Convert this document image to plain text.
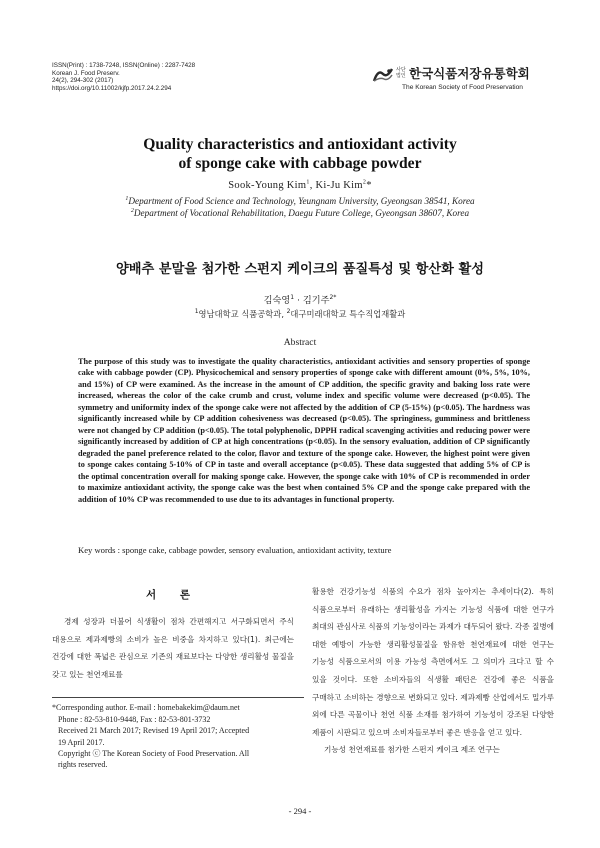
ISSN(Print) : 1738-7248, ISSN(Online) : 2287-7428
Korean J. Food Preserv.
24(2), 294-302 (2017)
https://doi.org/10.11002/kjfp.2017.24.2.294
사단 법인 한국식품저장유통학회
The Korean Society of Food Preservation
Quality characteristics and antioxidant activity
of sponge cake with cabbage powder
Sook-Young Kim$^1$, Ki-Ju Kim$^2$*
$^1$Department of Food Science and Technology, Yeungnam University, Gyeongsan 38541, Korea
$^2$Department of Vocational Rehabilitation, Daegu Future College, Gyeongsan 38607, Korea
양배추 분말을 첨가한 스펀지 케이크의 품질특성 및 항산화 활성
김숙영$^1$ · 김기주$^{2*}$
$^1$영남대학교 식품공학과, $^2$대구미래대학교 특수직업재활과
Abstract
The purpose of this study was to investigate the quality characteristics, antioxidant activities and sensory properties of sponge cake with cabbage powder (CP). Physicochemical and sensory properties of sponge cake with different amount (0%, 5%, 10%, and 15%) of CP were examined. As the increase in the amount of CP addition, the specific gravity and baking loss rate were increased, whereas the color of the cake crumb and crust, volume index and specific volume were decreased (p<0.05). The symmetry and uniformity index of the sponge cake were not affected by the addition of CP (5-15%) (p<0.05). The hardness was significantly increased while by CP addition cohesiveness was decreased (p<0.05). The springiness, gumminess and brittleness were not changed by CP addition (p<0.05). The total polyphenolic, DPPH radical scavenging activities and reducing power were significantly increased by addition of CP at high concentrations (p<0.05). In the sensory evaluation, addition of CP significantly degraded the panel preference related to the color, flavor and texture of the sponge cake. However, the highest point were given to sponge cakes containg 5-10% of CP in taste and overall acceptance (p<0.05). These data suggested that adding 5% of CP is the optimal concentration overall for making sponge cake. However, the sponge cake with 10% of CP is recommended in order to maximize antioxidant activity, the sponge cake was the best when contained 5% CP and the sponge cake prepared with the addition of 10% CP was recommended to use due to its advantages in functional property.
Key words : sponge cake, cabbage powder, sensory evaluation, antioxidant activity, texture
서 론
경제 성장과 더불어 식생활이 점차 간편해지고 서구화되면서 주식 대용으로 제과제빵의 소비가 높은 비중을 차지하고 있다(1). 최근에는 건강에 대한 폭넓은 관심으로 기존의 재료보다는 다양한 생리활성 물질을 갖고 있는 천연재료를
*Corresponding author. E-mail : homebakekim@daum.net
Phone : 82-53-810-9448, Fax : 82-53-801-3732
Received 21 March 2017; Revised 19 April 2017; Accepted
19 April 2017.
Copyright ⓒ The Korean Society of Food Preservation. All
rights reserved.
활용한 건강기능성 식품의 수요가 점차 높아지는 추세이다(2). 특히 식품으로부터 유래하는 생리활성을 가지는 기능성 식품에 대한 연구가 최대의 관심사로 식품의 기능성이라는 과제가 대두되어 왔다. 각종 질병에 대한 예방이 가능한 생리활성물질을 함유한 천연재료에 대한 연구는 기능성 식품으로서의 이용 가능성 측면에서도 그 의미가 크다고 할 수 있을 것이다. 또한 소비자들의 식생활 패턴은 건강에 좋은 식품을 구매하고 소비하는 경향으로 변화되고 있다. 제과제빵 산업에서도 밀가루 외에 다른 곡물이나 천연 식품 소재를 첨가하여 기능성이 강조된 다양한 제품이 시판되고 있으며 소비자들로부터 좋은 반응을 얻고 있다.
기능성 천연재료를 첨가한 스펀지 케이크 제조 연구는
- 294 -
